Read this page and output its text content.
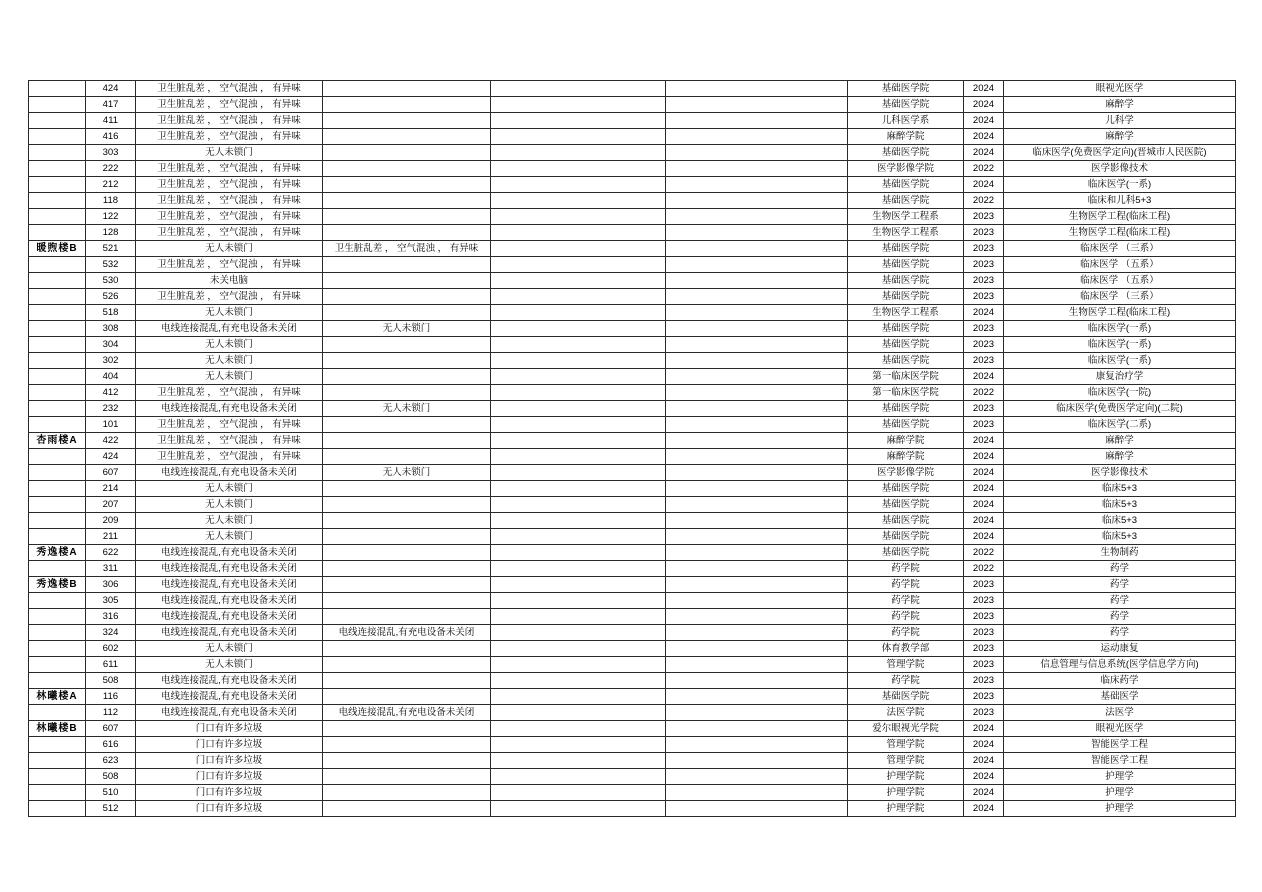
	424	卫生脏乱差 ， 空气混浊 ， 有异味				基础医学院	2024	眼视光医学
	417	卫生脏乱差 ， 空气混浊 ， 有异味				基础医学院	2024	麻醉学
	411	卫生脏乱差 ， 空气混浊 ， 有异味				儿科医学系	2024	儿科学
	416	卫生脏乱差 ， 空气混浊 ， 有异味				麻醉学院	2024	麻醉学
	303	无人未锁门				基础医学院	2024	临床医学(免费医学定向)(晋城市人民医院)
	222	卫生脏乱差 ， 空气混浊 ， 有异味				医学影像学院	2022	医学影像技术
	212	卫生脏乱差 ， 空气混浊 ， 有异味				基础医学院	2024	临床医学(一系)
	118	卫生脏乱差 ， 空气混浊 ， 有异味				基础医学院	2022	临床和儿科5+3
	122	卫生脏乱差 ， 空气混浊 ， 有异味				生物医学工程系	2023	生物医学工程(临床工程)
	128	卫生脏乱差 ， 空气混浊 ， 有异味				生物医学工程系	2023	生物医学工程(临床工程)
暖煦楼B	521	无人未锁门	卫生脏乱差 ， 空气混浊 ， 有异味			基础医学院	2023	临床医学 （三系）
	532	卫生脏乱差 ， 空气混浊 ， 有异味				基础医学院	2023	临床医学 （五系）
	530	未关电脑				基础医学院	2023	临床医学 （五系）
	526	卫生脏乱差 ， 空气混浊 ， 有异味				基础医学院	2023	临床医学 （三系）
	518	无人未锁门				生物医学工程系	2024	生物医学工程(临床工程)
	308	电线连接混乱,有充电设备未关闭	无人未锁门			基础医学院	2023	临床医学(一系)
	304	无人未锁门				基础医学院	2023	临床医学(一系)
	302	无人未锁门				基础医学院	2023	临床医学(一系)
	404	无人未锁门				第一临床医学院	2024	康复治疗学
	412	卫生脏乱差 ， 空气混浊 ， 有异味				第一临床医学院	2022	临床医学(一院)
	232	电线连接混乱,有充电设备未关闭	无人未锁门			基础医学院	2023	临床医学(免费医学定向)(二院)
	101	卫生脏乱差 ， 空气混浊 ， 有异味				基础医学院	2023	临床医学(二系)
杏雨楼A	422	卫生脏乱差 ， 空气混浊 ， 有异味				麻醉学院	2024	麻醉学
	424	卫生脏乱差 ， 空气混浊 ， 有异味				麻醉学院	2024	麻醉学
	607	电线连接混乱,有充电设备未关闭	无人未锁门			医学影像学院	2024	医学影像技术
	214	无人未锁门				基础医学院	2024	临床5+3
	207	无人未锁门				基础医学院	2024	临床5+3
	209	无人未锁门				基础医学院	2024	临床5+3
	211	无人未锁门				基础医学院	2024	临床5+3
秀逸楼A	622	电线连接混乱,有充电设备未关闭				基础医学院	2022	生物制药
	311	电线连接混乱,有充电设备未关闭				药学院	2022	药学
秀逸楼B	306	电线连接混乱,有充电设备未关闭				药学院	2023	药学
	305	电线连接混乱,有充电设备未关闭				药学院	2023	药学
	316	电线连接混乱,有充电设备未关闭				药学院	2023	药学
	324	电线连接混乱,有充电设备未关闭	电线连接混乱,有充电设备未关闭			药学院	2023	药学
	602	无人未锁门				体育教学部	2023	运动康复
	611	无人未锁门				管理学院	2023	信息管理与信息系统(医学信息学方向)
	508	电线连接混乱,有充电设备未关闭				药学院	2023	临床药学
林曦楼A	116	电线连接混乱,有充电设备未关闭				基础医学院	2023	基础医学
	112	电线连接混乱,有充电设备未关闭	电线连接混乱,有充电设备未关闭			法医学院	2023	法医学
林曦楼B	607	门口有许多垃圾				爱尔眼视光学院	2024	眼视光医学
	616	门口有许多垃圾				管理学院	2024	智能医学工程
	623	门口有许多垃圾				管理学院	2024	智能医学工程
	508	门口有许多垃圾				护理学院	2024	护理学
	510	门口有许多垃圾				护理学院	2024	护理学
	512	门口有许多垃圾				护理学院	2024	护理学
